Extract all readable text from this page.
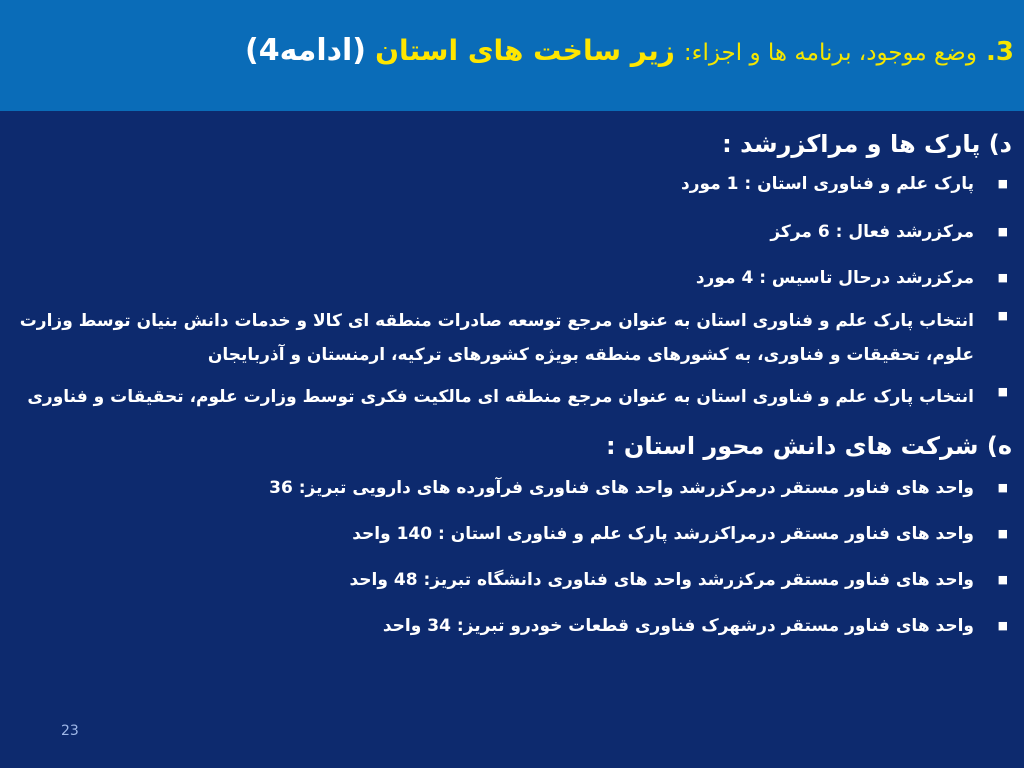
3. وضع موجود، برنامه ها و اجزاء: زیر ساخت های استان (ادامه4)

د) پارک ها و مراکزرشد :

■
پارک علم و فناوری استان : 1 مورد

■
مرکزرشد فعال : 6 مرکز

■
مرکزرشد درحال تاسیس : 4 مورد

■
انتخاب پارک علم و فناوری استان به عنوان مرجع توسعه صادرات منطقه ای کالا و خدمات دانش بنیان توسط وزارت علوم، تحقیقات و فناوری، به کشورهای منطقه بویژه کشورهای ترکیه، ارمنستان و آذربایجان

■
انتخاب پارک علم و فناوری استان به عنوان مرجع منطقه ای مالکیت فکری توسط وزارت علوم، تحقیقات و فناوری

ه) شرکت های دانش محور استان :

■
واحد های فناور مستقر درمرکزرشد واحد های فناوری فرآورده های دارویی تبریز: 36

■
واحد های فناور مستقر درمراکزرشد پارک علم و فناوری استان : 140 واحد

■
واحد های فناور مستقر مرکزرشد واحد های فناوری دانشگاه تبریز: 48 واحد

■
واحد های فناور مستقر درشهرک فناوری قطعات خودرو تبریز: 34 واحد

23
